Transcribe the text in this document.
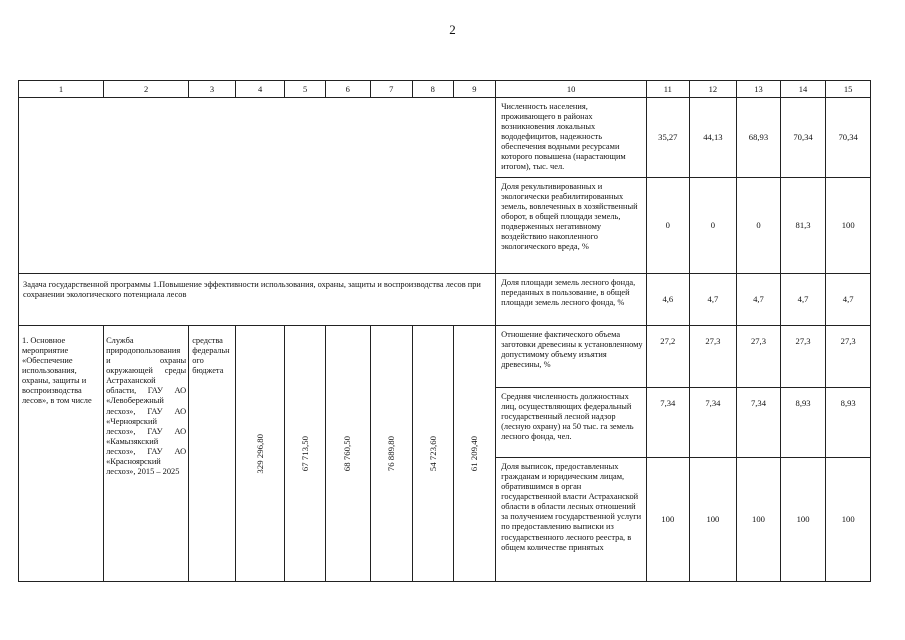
2
1	2	3	4	5	6	7	8	9	10	11	12	13	14	15
									Численность населения, проживающего в районах возникновения локальных вододефицитов, надежность обеспечения водными ресурсами которого повышена (нарастающим итогом), тыс. чел.	35,27	44,13	68,93	70,34	70,34
									Доля рекультивированных и экологически реабилитированных земель, вовлеченных в хозяйственный оборот, в общей площади земель, подверженных негативному воздействию накопленного экологического вреда, %	0	0	0	81,3	100
Задача государственной программы 1.Повышение эффективности использования, охраны, защиты и воспроизводства лесов при сохранении экологического потенциала лесов									Доля площади земель лесного фонда, переданных в пользование, в общей площади земель лесного фонда, %	4,6	4,7	4,7	4,7	4,7
1. Основное мероприятие «Обеспечение использования, охраны, защиты и воспроизводства лесов», в том числе	Служба природопользования и охраны окружающей среды Астраханской области, ГАУ АО «Левобережный лесхоз», ГАУ АО «Черноярский лесхоз», ГАУ АО «Камызякский лесхоз», ГАУ АО «Красноярский лесхоз», 2015 – 2025	средства федерального бюджета	329 296,80	67 713,50	68 760,50	76 889,80	54 723,60	61 209,40	Отношение фактического объема заготовки древесины к установленному допустимому объему изъятия древесины, %	27,2	27,3	27,3	27,3	27,3
									Средняя численность должностных лиц, осуществляющих федеральный государственный лесной надзор (лесную охрану) на 50 тыс. га земель лесного фонда, чел.	7,34	7,34	7,34	8,93	8,93
									Доля выписок, предоставленных гражданам и юридическим лицам, обратившимся в орган государственной власти Астраханской области в области лесных отношений за получением государственной услуги по предоставлению выписки из государственного лесного реестра, в общем количестве принятых	100	100	100	100	100
